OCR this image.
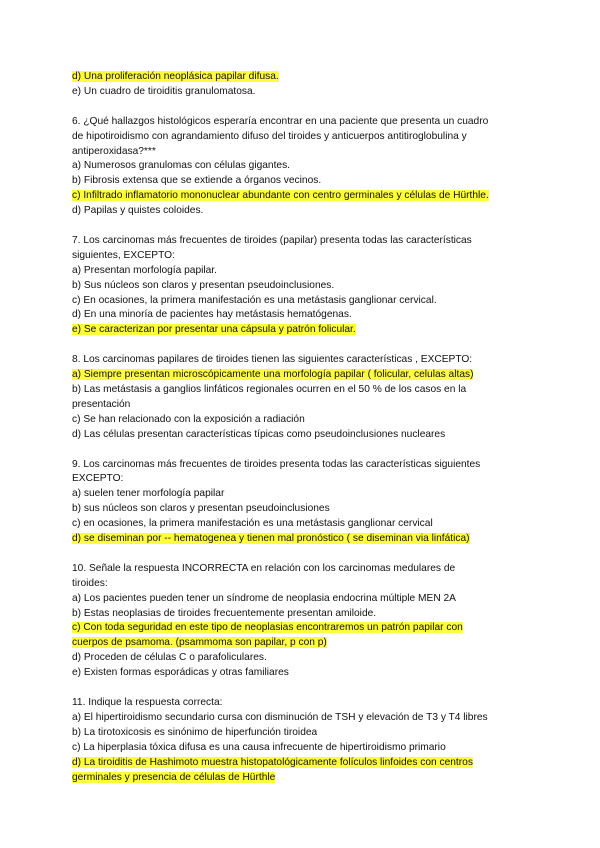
d) Una proliferación neoplásica papilar difusa.
e) Un cuadro de tiroiditis granulomatosa.
6. ¿Qué hallazgos histológicos esperaría encontrar en una paciente que presenta un cuadro
de hipotiroidismo con agrandamiento difuso del tiroides y anticuerpos antitiroglobulina y
antiperoxidasa?***
a) Numerosos granulomas con células gigantes.
b) Fibrosis extensa que se extiende a órganos vecinos.
c) Infiltrado inflamatorio mononuclear abundante con centro germinales y células de Hürthle.
d) Papilas y quistes coloides.
7. Los carcinomas más frecuentes de tiroides (papilar) presenta todas las características
siguientes, EXCEPTO:
a) Presentan morfología papilar.
b) Sus núcleos son claros y presentan pseudoinclusiones.
c) En ocasiones, la primera manifestación es una metástasis ganglionar cervical.
d) En una minoría de pacientes hay metástasis hematógenas.
e) Se caracterizan por presentar una cápsula y patrón folicular.
8. Los carcinomas papilares de tiroides tienen las siguientes características , EXCEPTO:
a) Siempre presentan microscópicamente una morfología papilar ( folicular, celulas altas)
b) Las metástasis a ganglios linfáticos regionales ocurren en el 50 % de los casos en la
presentación
c) Se han relacionado con la exposición a radiación
d) Las células presentan características típicas como pseudoinclusiones nucleares
9. Los carcinomas más frecuentes de tiroides presenta todas las características siguientes
EXCEPTO:
a) suelen tener morfología papilar
b) sus núcleos son claros y presentan pseudoinclusiones
c) en ocasiones, la primera manifestación es una metástasis ganglionar cervical
d) se diseminan por -- hematogenea y tienen mal pronóstico ( se diseminan via linfática)
10. Señale la respuesta INCORRECTA en relación con los carcinomas medulares de
tiroides:
a) Los pacientes pueden tener un síndrome de neoplasia endocrina múltiple MEN 2A
b) Estas neoplasias de tiroides frecuentemente presentan amiloide.
c) Con toda seguridad en este tipo de neoplasias encontraremos un patrón papilar con
cuerpos de psamoma. (psammoma son papilar, p con p)
d) Proceden de células C o parafoliculares.
e) Existen formas esporádicas y otras familiares
11. Indique la respuesta correcta:
a) El hipertiroidismo secundario cursa con disminución de TSH y elevación de T3 y T4 libres
b) La tirotoxicosis es sinónimo de hiperfunción tiroidea
c) La hiperplasia tóxica difusa es una causa infrecuente de hipertiroidismo primario
d) La tiroiditis de Hashimoto muestra histopatológicamente folículos linfoides con centros
germinales y presencia de células de Hürthle
